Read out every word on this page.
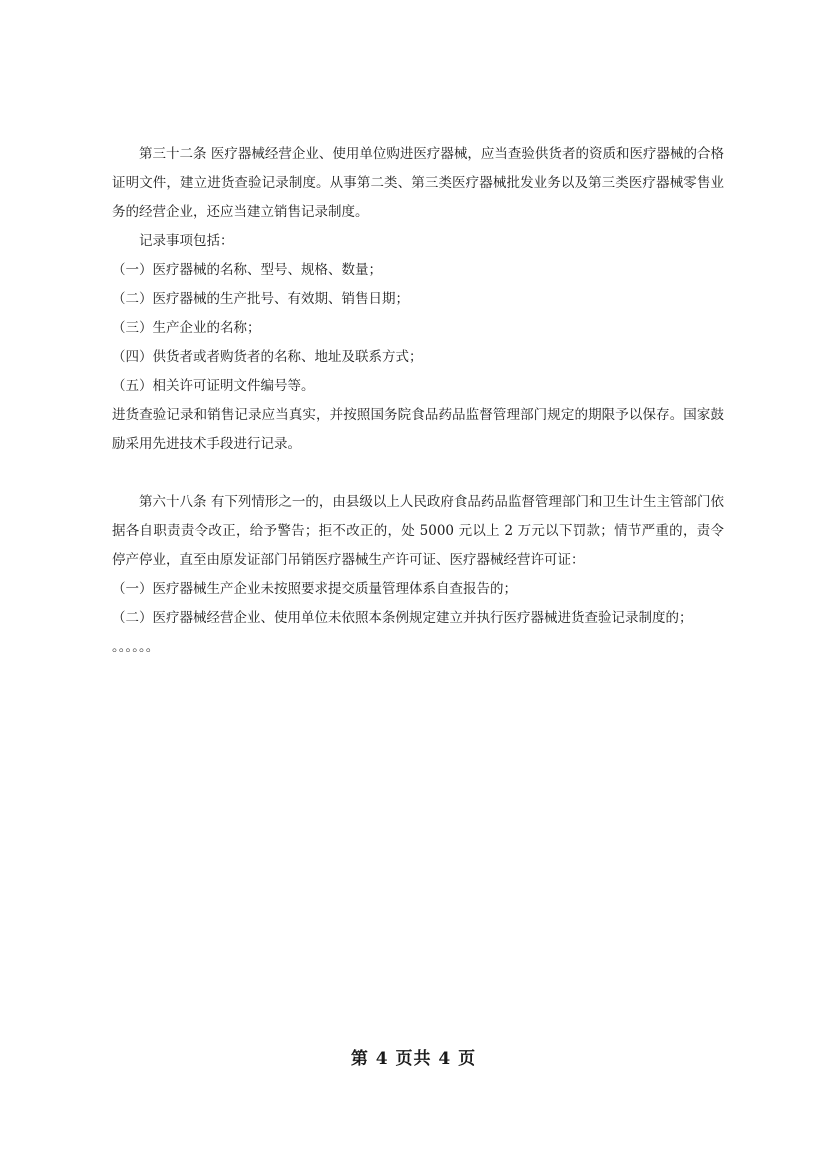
第三十二条 医疗器械经营企业、使用单位购进医疗器械，应当查验供货者的资质和医疗器械的合格证明文件，建立进货查验记录制度。从事第二类、第三类医疗器械批发业务以及第三类医疗器械零售业务的经营企业，还应当建立销售记录制度。

记录事项包括：

（一）医疗器械的名称、型号、规格、数量；

（二）医疗器械的生产批号、有效期、销售日期；

（三）生产企业的名称；

（四）供货者或者购货者的名称、地址及联系方式；

（五）相关许可证明文件编号等。

进货查验记录和销售记录应当真实，并按照国务院食品药品监督管理部门规定的期限予以保存。国家鼓励采用先进技术手段进行记录。

第六十八条 有下列情形之一的，由县级以上人民政府食品药品监督管理部门和卫生计生主管部门依据各自职责责令改正，给予警告；拒不改正的，处 5000 元以上 2 万元以下罚款；情节严重的，责令停产停业，直至由原发证部门吊销医疗器械生产许可证、医疗器械经营许可证：

（一）医疗器械生产企业未按照要求提交质量管理体系自查报告的；

（二）医疗器械经营企业、使用单位未依照本条例规定建立并执行医疗器械进货查验记录制度的；

。。。。。。

第 4 页共 4 页
